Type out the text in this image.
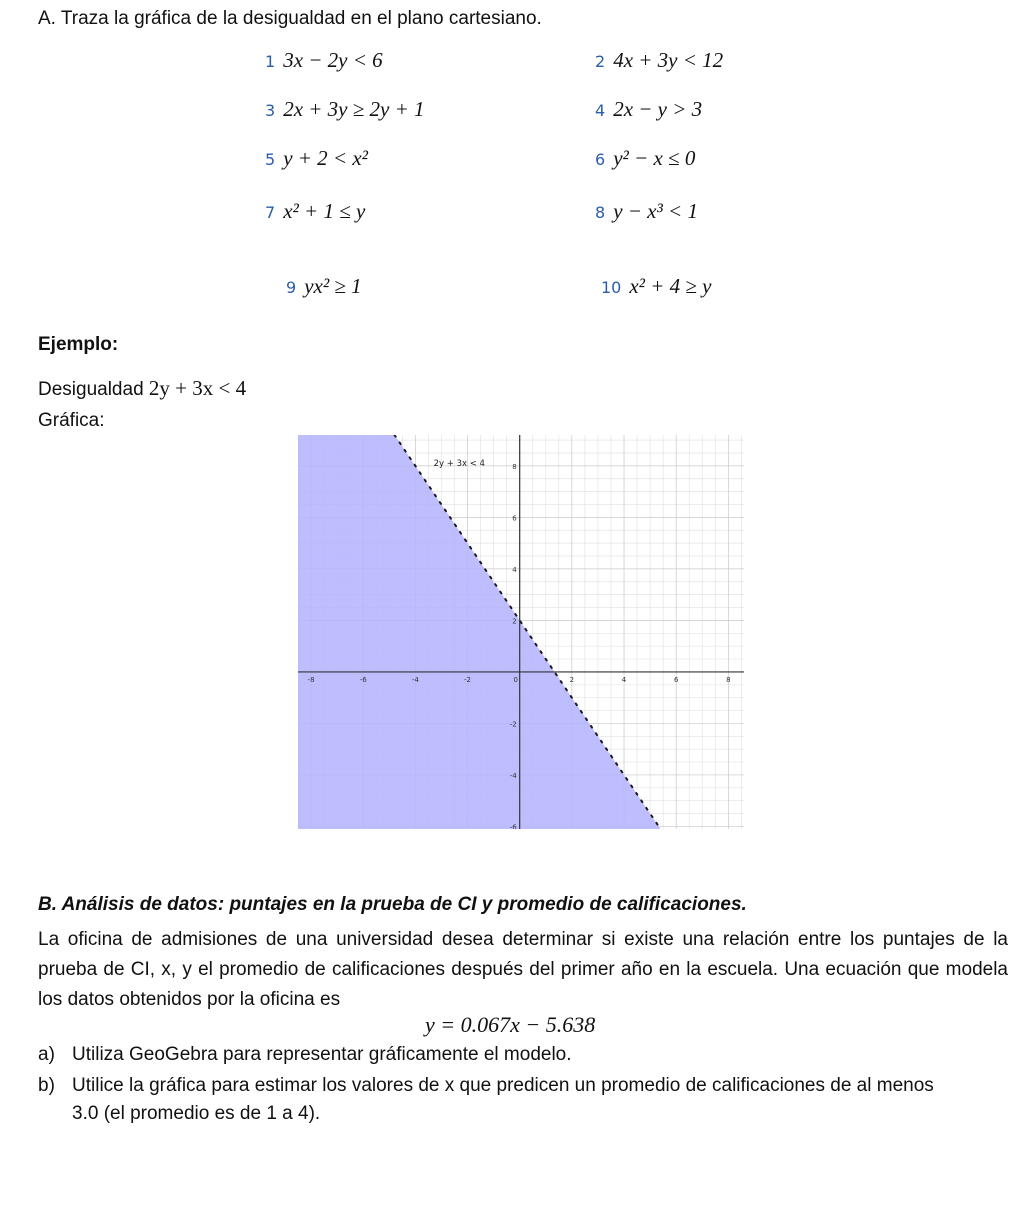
A. Traza la gráfica de la desigualdad en el plano cartesiano.
1 3x − 2y < 6	2 4x + 3y < 12
3 2x + 3y ≥ 2y + 1	4 2x − y > 3
5 y + 2 < x²	6 y² − x ≤ 0
7 x² + 1 ≤ y	8 y − x³ < 1
9 yx² ≥ 1	10 x² + 4 ≥ y
Ejemplo:
Desigualdad 2y + 3x < 4
Gráfica:
-8	-6	-4	-2	0	2	4	6	8
8
6
4
2
-2
-4
-6
2y + 3x < 4
B. Análisis de datos: puntajes en la prueba de CI y promedio de calificaciones.
La oficina de admisiones de una universidad desea determinar si existe una relación entre los puntajes de la prueba de CI, x, y el promedio de calificaciones después del primer año en la escuela. Una ecuación que modela los datos obtenidos por la oficina es
y = 0.067x − 5.638
a) Utiliza GeoGebra para representar gráficamente el modelo.
b) Utilice la gráfica para estimar los valores de x que predicen un promedio de calificaciones de al menos
3.0 (el promedio es de 1 a 4).
